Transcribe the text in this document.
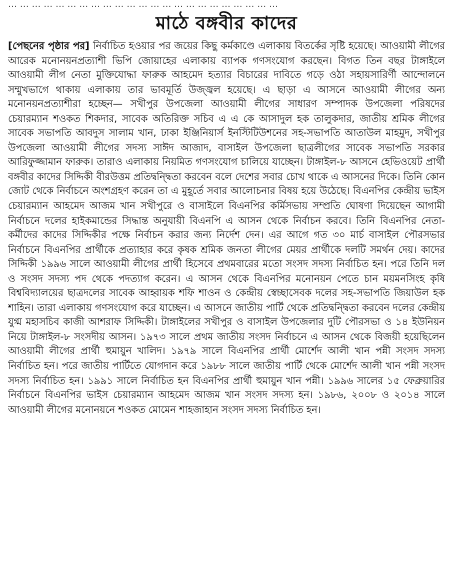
… … … … … … … … … … … … … … … … … … … … … … …
মাঠে বঙ্গবীর কাদের

[পেছনের পৃষ্ঠার পর] নির্বাচিত হওয়ার পর জয়ের কিছু কর্মকাণ্ডে এলাকায় বিতর্কের সৃষ্টি হয়েছে। আওয়ামী লীগের আরেক মনোনয়নপ্রত্যাশী ভিপি জোয়াহের এলাকায় ব্যাপক গণসংযোগ করছেন। বিগত তিন বছর টাঙ্গাইলে আওয়ামী লীগ নেতা মুক্তিযোদ্ধা ফারুক আহমেদ হত্যার বিচারের দাবিতে গড়ে ওঠা সহায়সারির্ণী আন্দোলনে সম্মুখভাগে থাকায় এলাকায় তার ভাবমূর্তি উজ্জ্বল হয়েছে। এ ছাড়া এ আসনে আওয়ামী লীগের অন্য মনোনয়নপ্রত্যাশীরা হচ্ছেন— সখীপুর উপজেলা আওয়ামী লীগের সাধারণ সম্পাদক উপজেলা পরিষদের চেয়ারম্যান শওকত শিকদার, সাবেক অতিরিক্ত সচিব এ এ কে আসাদুল হক তালুকদার, জাতীয় শ্রমিক লীগের সাবেক সভাপতি আবদুস সালাম খান, ঢাকা ইঞ্জিনিয়ার্স ইনস্টিটিউশনের সহ-সভাপতি আতাউল মাহমুদ, সখীপুর উপজেলা আওয়ামী লীগের সদস্য সাঈদ আজাদ, বাসাইল উপজেলা ছাত্রলীগের সাবেক সভাপতি সরকার আরিফুজ্জামান ফারুক। তারাও এলাকায় নিয়মিত গণসংযোগ চালিয়ে যাচ্ছেন। টাঙ্গাইল-৮ আসনে হেভিওয়েট প্রার্থী বঙ্গবীর কাদের সিদ্দিকী বীরউত্তম প্রতিদ্বন্দ্বিতা করবেন বলে দেশের সবার চোখ থাকে এ আসনের দিকে। তিনি কোন জোট থেকে নির্বাচনে অংশগ্রহণ করেন তা এ মুহূর্তে সবার আলোচনার বিষয় হয়ে উঠেছে। বিএনপির কেন্দ্রীয় ভাইস চেয়ারম্যান আহমেদ আজম খান সখীপুরে ও বাসাইলে বিএনপির কর্মিসভায় সম্প্রতি ঘোষণা দিয়েছেন আগামী নির্বাচনে দলের হাইকমান্ডের সিদ্ধান্ত অনুযায়ী বিএনপি এ আসন থেকে নির্বাচন করবে। তিনি বিএনপির নেতা-কর্মীদের কাদের সিদ্দিকীর পক্ষে নির্বাচন করার জন্য নির্দেশ দেন। এর আগে গত ৩০ মার্চ বাসাইল পৌরসভার নির্বাচনে বিএনপির প্রার্থীকে প্রত্যাহার করে কৃষক শ্রমিক জনতা লীগের মেয়র প্রার্থীকে দলটি সমর্থন দেয়। কাদের সিদ্দিকী ১৯৯৬ সালে আওয়ামী লীগের প্রার্থী হিসেবে প্রথমবারের মতো সংসদ সদস্য নির্বাচিত হন। পরে তিনি দল ও সংসদ সদস্য পদ থেকে পদত্যাগ করেন। এ আসন থেকে বিএনপির মনোনয়ন পেতে চান ময়মনসিংহ কৃষি বিশ্ববিদ্যালয়ের ছাত্রদলের সাবেক আহ্বায়ক শফি শাওন ও কেন্দ্রীয় স্বেচ্ছাসেবক দলের সহ-সভাপতি জিয়াউল হক শাহিন। তারা এলাকায় গণসংযোগ করে যাচ্ছেন। এ আসনে জাতীয় পার্টি থেকে প্রতিদ্বন্দ্বিতা করবেন দলের কেন্দ্রীয় যুগ্ম মহাসচিব কাজী আশরাফ সিদ্দিকী। টাঙ্গাইলের সখীপুর ও বাসাইল উপজেলার দুটি পৌরসভা ও ১৪ ইউনিয়ন নিয়ে টাঙ্গাইল-৮ সংসদীয় আসন। ১৯৭৩ সালে প্রথম জাতীয় সংসদ নির্বাচনে এ আসন থেকে বিজয়ী হয়েছিলেন আওয়ামী লীগের প্রার্থী হুমায়ুন খালিদ। ১৯৭৯ সালে বিএনপির প্রার্থী মোর্শেদ আলী খান পন্নী সংসদ সদস্য নির্বাচিত হন। পরে জাতীয় পার্টিতে যোগদান করে ১৯৮৮ সালে জাতীয় পার্টি থেকে মোর্শেদ আলী খান পন্নী সংসদ সদস্য নির্বাচিত হন। ১৯৯১ সালে নির্বাচিত হন বিএনপির প্রার্থী হুমায়ুন খান পন্নী। ১৯৯৬ সালের ১৫ ফেব্রুয়ারির নির্বাচনে বিএনপির ভাইস চেয়ারম্যান আহমেদ আজম খান সংসদ সদস্য হন। ১৯৮৬, ২০০৮ ও ২০১৪ সালে আওয়ামী লীগের মনোনয়নে শওকত মোমেন শাহজাহান সংসদ সদস্য নির্বাচিত হন।
